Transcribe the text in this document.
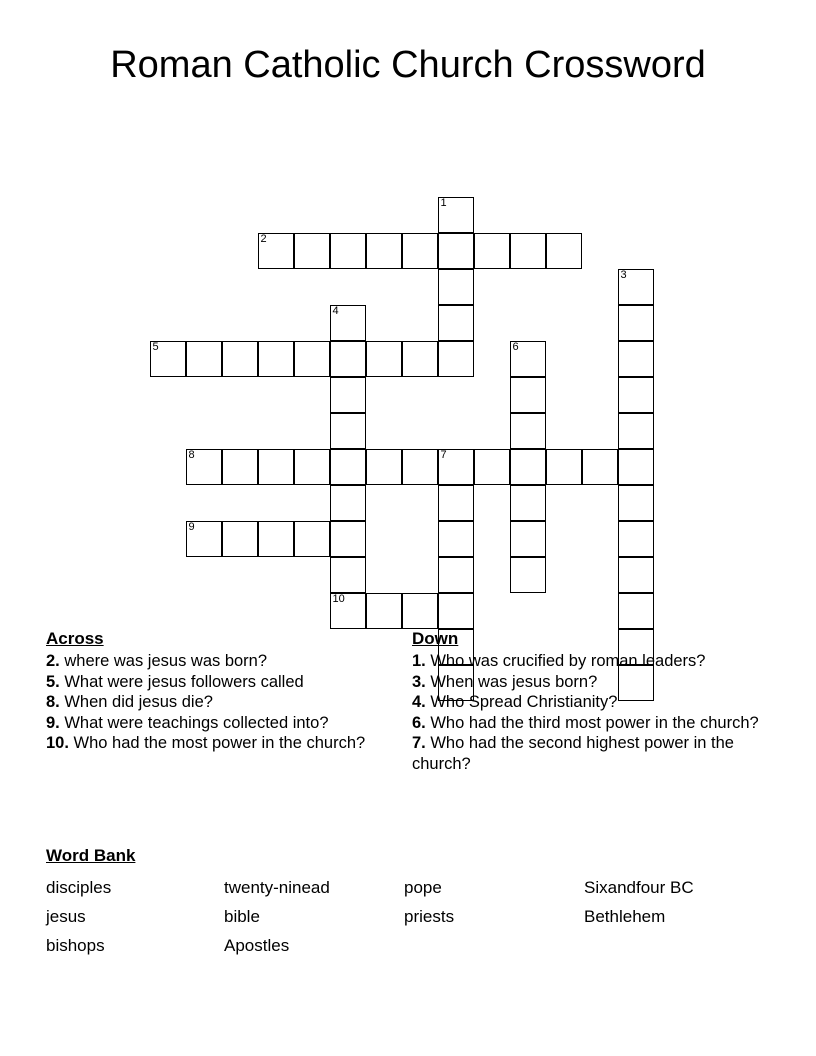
Roman Catholic Church Crossword
1
2
3
4
5	6
8	7
9
10
Across
2. where was jesus was born?
5. What were jesus followers called
8. When did jesus die?
9. What were teachings collected into?
10. Who had the most power in the church?
Down
1. Who was crucified by roman leaders?
3. When was jesus born?
4. Who Spread Christianity?
6. Who had the third most power in the church?
7. Who had the second highest power in the church?
Word Bank
disciples	twenty-ninead	pope	Sixandfour BC
jesus	bible	priests	Bethlehem
bishops	Apostles		
